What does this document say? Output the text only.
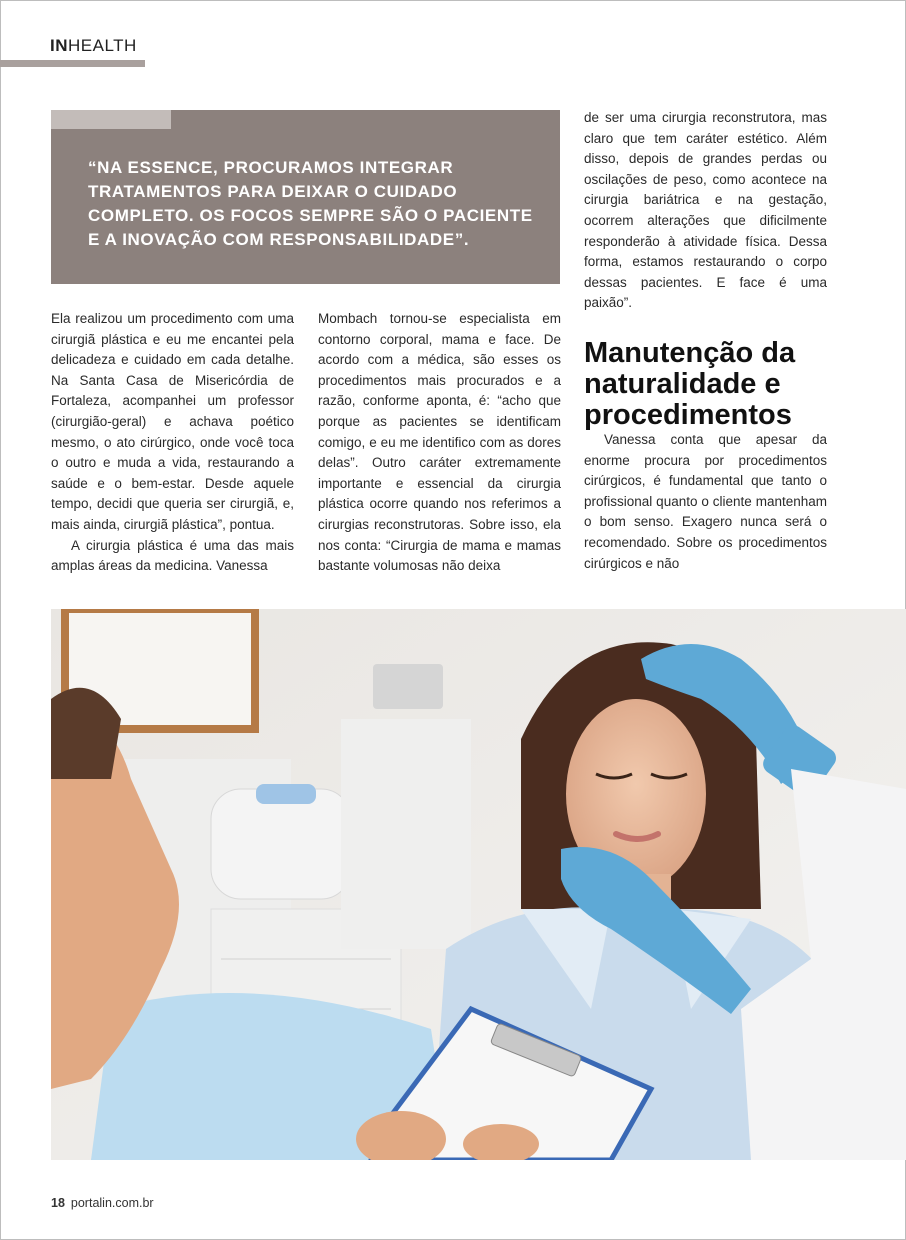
INHEALTH
“NA ESSENCE, PROCURAMOS INTEGRAR TRATAMENTOS PARA DEIXAR O CUIDADO COMPLETO. OS FOCOS SEMPRE SÃO O PACIENTE E A INOVAÇÃO COM RESPONSABILIDADE”.

Ela realizou um procedimento com uma cirurgiã plástica e eu me encantei pela delicadeza e cuidado em cada detalhe. Na Santa Casa de Misericórdia de Fortaleza, acompanhei um professor (cirurgião-geral) e achava poético mesmo, o ato cirúrgico, onde você toca o outro e muda a vida, restaurando a saúde e o bem-estar. Desde aquele tempo, decidi que queria ser cirurgiã, e, mais ainda, cirurgiã plástica”, pontua.

A cirurgia plástica é uma das mais amplas áreas da medicina. Vanessa

Mombach tornou-se especialista em contorno corporal, mama e face. De acordo com a médica, são esses os procedimentos mais procurados e a razão, conforme aponta, é: “acho que porque as pacientes se identificam comigo, e eu me identifico com as dores delas”. Outro caráter extremamente importante e essencial da cirurgia plástica ocorre quando nos referimos a cirurgias reconstrutoras. Sobre isso, ela nos conta: “Cirurgia de mama e mamas bastante volumosas não deixa

de ser uma cirurgia reconstrutora, mas claro que tem caráter estético. Além disso, depois de grandes perdas ou oscilações de peso, como acontece na cirurgia bariátrica e na gestação, ocorrem alterações que dificilmente responderão à atividade física. Dessa forma, estamos restaurando o corpo dessas pacientes. E face é uma paixão”.

Manutenção da naturalidade e procedimentos

Vanessa conta que apesar da enorme procura por procedimentos cirúrgicos, é fundamental que tanto o profissional quanto o cliente mantenham o bom senso. Exagero nunca será o recomendado. Sobre os procedimentos cirúrgicos e não

18 portalin.com.br
